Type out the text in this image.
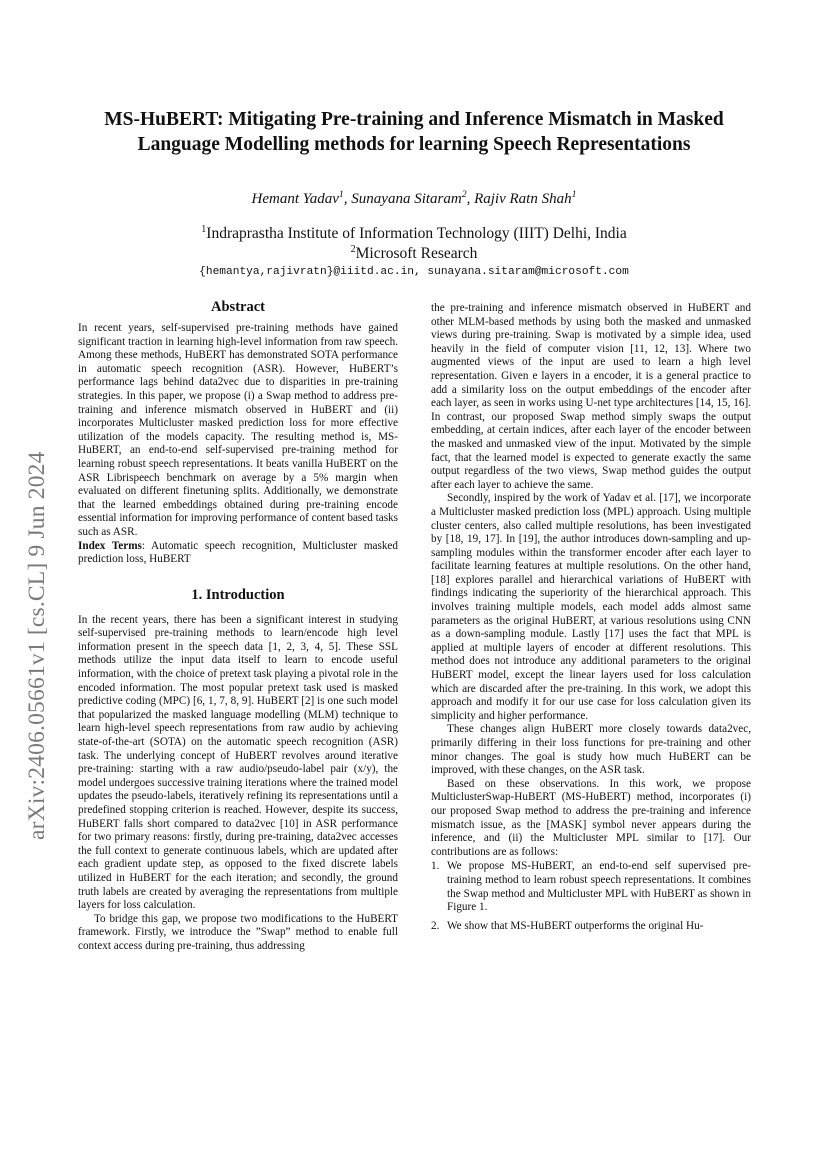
MS-HuBERT: Mitigating Pre-training and Inference Mismatch in Masked
Language Modelling methods for learning Speech Representations
Hemant Yadav$^1$, Sunayana Sitaram$^2$, Rajiv Ratn Shah$^1$
$^1$Indraprastha Institute of Information Technology (IIIT) Delhi, India
$^2$Microsoft Research
{hemantya,rajivratn}@iiitd.ac.in, sunayana.sitaram@microsoft.com
arXiv:2406.05661v1 [cs.CL] 9 Jun 2024
Abstract

In recent years, self-supervised pre-training methods have gained significant traction in learning high-level information from raw speech. Among these methods, HuBERT has demonstrated SOTA performance in automatic speech recognition (ASR). However, HuBERT’s performance lags behind data2vec due to disparities in pre-training strategies. In this paper, we propose (i) a Swap method to address pre-training and inference mismatch observed in HuBERT and (ii) incorporates Multicluster masked prediction loss for more effective utilization of the models capacity. The resulting method is, MS-HuBERT, an end-to-end self-supervised pre-training method for learning robust speech representations. It beats vanilla HuBERT on the ASR Librispeech benchmark on average by a 5% margin when evaluated on different finetuning splits. Additionally, we demonstrate that the learned embeddings obtained during pre-training encode essential information for improving performance of content based tasks such as ASR.

Index Terms: Automatic speech recognition, Multicluster masked prediction loss, HuBERT
1. Introduction

In the recent years, there has been a significant interest in studying self-supervised pre-training methods to learn/encode high level information present in the speech data [1, 2, 3, 4, 5]. These SSL methods utilize the input data itself to learn to encode useful information, with the choice of pretext task playing a pivotal role in the encoded information. The most popular pretext task used is masked predictive coding (MPC) [6, 1, 7, 8, 9]. HuBERT [2] is one such model that popularized the masked language modelling (MLM) technique to learn high-level speech representations from raw audio by achieving state-of-the-art (SOTA) on the automatic speech recognition (ASR) task. The underlying concept of HuBERT revolves around iterative pre-training: starting with a raw audio/pseudo-label pair (x/y), the model undergoes successive training iterations where the trained model updates the pseudo-labels, iteratively refining its representations until a predefined stopping criterion is reached. However, despite its success, HuBERT falls short compared to data2vec [10] in ASR performance for two primary reasons: firstly, during pre-training, data2vec accesses the full context to generate continuous labels, which are updated after each gradient update step, as opposed to the fixed discrete labels utilized in HuBERT for the each iteration; and secondly, the ground truth labels are created by averaging the representations from multiple layers for loss calculation.

To bridge this gap, we propose two modifications to the HuBERT framework. Firstly, we introduce the ”Swap” method to enable full context access during pre-training, thus addressing

the pre-training and inference mismatch observed in HuBERT and other MLM-based methods by using both the masked and unmasked views during pre-training. Swap is motivated by a simple idea, used heavily in the field of computer vision [11, 12, 13]. Where two augmented views of the input are used to learn a high level representation. Given e layers in a encoder, it is a general practice to add a similarity loss on the output embeddings of the encoder after each layer, as seen in works using U-net type architectures [14, 15, 16]. In contrast, our proposed Swap method simply swaps the output embedding, at certain indices, after each layer of the encoder between the masked and unmasked view of the input. Motivated by the simple fact, that the learned model is expected to generate exactly the same output regardless of the two views, Swap method guides the output after each layer to achieve the same.

Secondly, inspired by the work of Yadav et al. [17], we incorporate a Multicluster masked prediction loss (MPL) approach. Using multiple cluster centers, also called multiple resolutions, has been investigated by [18, 19, 17]. In [19], the author introduces down-sampling and up-sampling modules within the transformer encoder after each layer to facilitate learning features at multiple resolutions. On the other hand, [18] explores parallel and hierarchical variations of HuBERT with findings indicating the superiority of the hierarchical approach. This involves training multiple models, each model adds almost same parameters as the original HuBERT, at various resolutions using CNN as a down-sampling module. Lastly [17] uses the fact that MPL is applied at multiple layers of encoder at different resolutions. This method does not introduce any additional parameters to the original HuBERT model, except the linear layers used for loss calculation which are discarded after the pre-training. In this work, we adopt this approach and modify it for our use case for loss calculation given its simplicity and higher performance.

These changes align HuBERT more closely towards data2vec, primarily differing in their loss functions for pre-training and other minor changes. The goal is study how much HuBERT can be improved, with these changes, on the ASR task.

Based on these observations. In this work, we propose MulticlusterSwap-HuBERT (MS-HuBERT) method, incorporates (i) our proposed Swap method to address the pre-training and inference mismatch issue, as the [MASK] symbol never appears during the inference, and (ii) the Multicluster MPL similar to [17]. Our contributions are as follows:

1. We propose MS-HuBERT, an end-to-end self supervised pre-training method to learn robust speech representations. It combines the Swap method and Multicluster MPL with HuBERT as shown in Figure 1.
2. We show that MS-HuBERT outperforms the original Hu-
